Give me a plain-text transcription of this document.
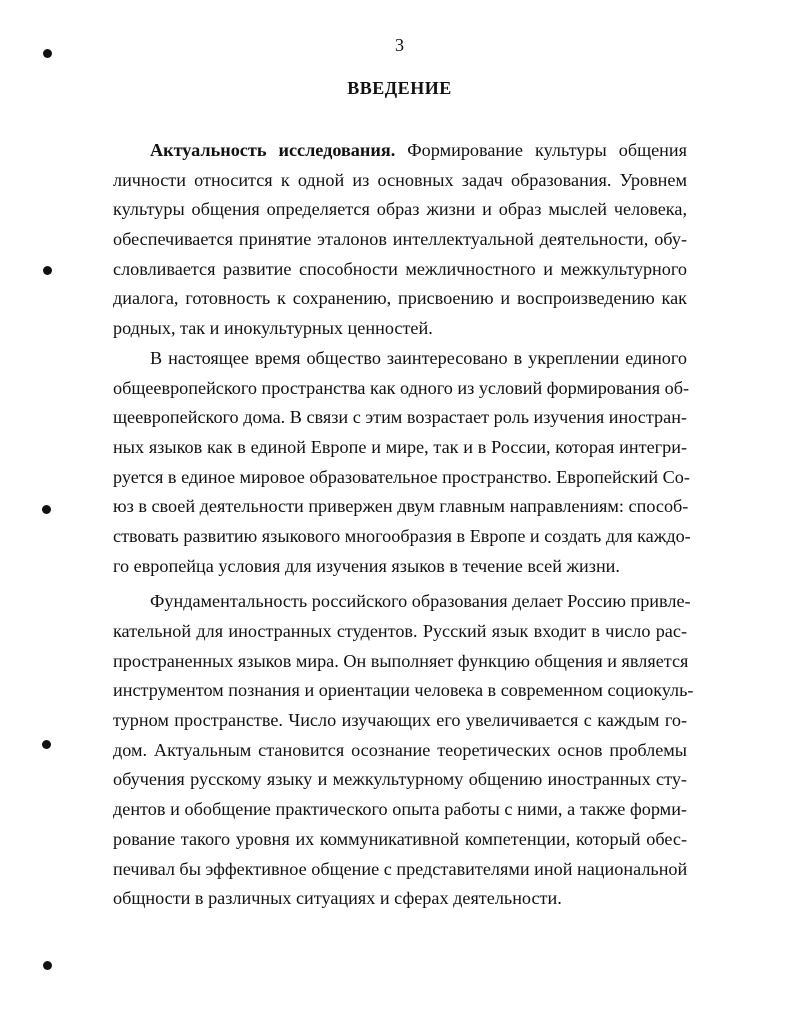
3
ВВЕДЕНИЕ
Актуальность исследования. Формирование культуры общения
личности относится к одной из основных задач образования. Уровнем
культуры общения определяется образ жизни и образ мыслей человека,
обеспечивается принятие эталонов интеллектуальной деятельности, обу-
словливается развитие способности межличностного и межкультурного
диалога, готовность к сохранению, присвоению и воспроизведению как
родных, так и инокультурных ценностей.
В настоящее время общество заинтересовано в укреплении единого
общеевропейского пространства как одного из условий формирования об-
щеевропейского дома. В связи с этим возрастает роль изучения иностран-
ных языков как в единой Европе и мире, так и в России, которая интегри-
руется в единое мировое образовательное пространство. Европейский Со-
юз в своей деятельности привержен двум главным направлениям: способ-
ствовать развитию языкового многообразия в Европе и создать для каждо-
го европейца условия для изучения языков в течение всей жизни.
Фундаментальность российского образования делает Россию привле-
кательной для иностранных студентов. Русский язык входит в число рас-
пространенных языков мира. Он выполняет функцию общения и является
инструментом познания и ориентации человека в современном социокуль-
турном пространстве. Число изучающих его увеличивается с каждым го-
дом. Актуальным становится осознание теоретических основ проблемы
обучения русскому языку и межкультурному общению иностранных сту-
дентов и обобщение практического опыта работы с ними, а также форми-
рование такого уровня их коммуникативной компетенции, который обес-
печивал бы эффективное общение с представителями иной национальной
общности в различных ситуациях и сферах деятельности.
